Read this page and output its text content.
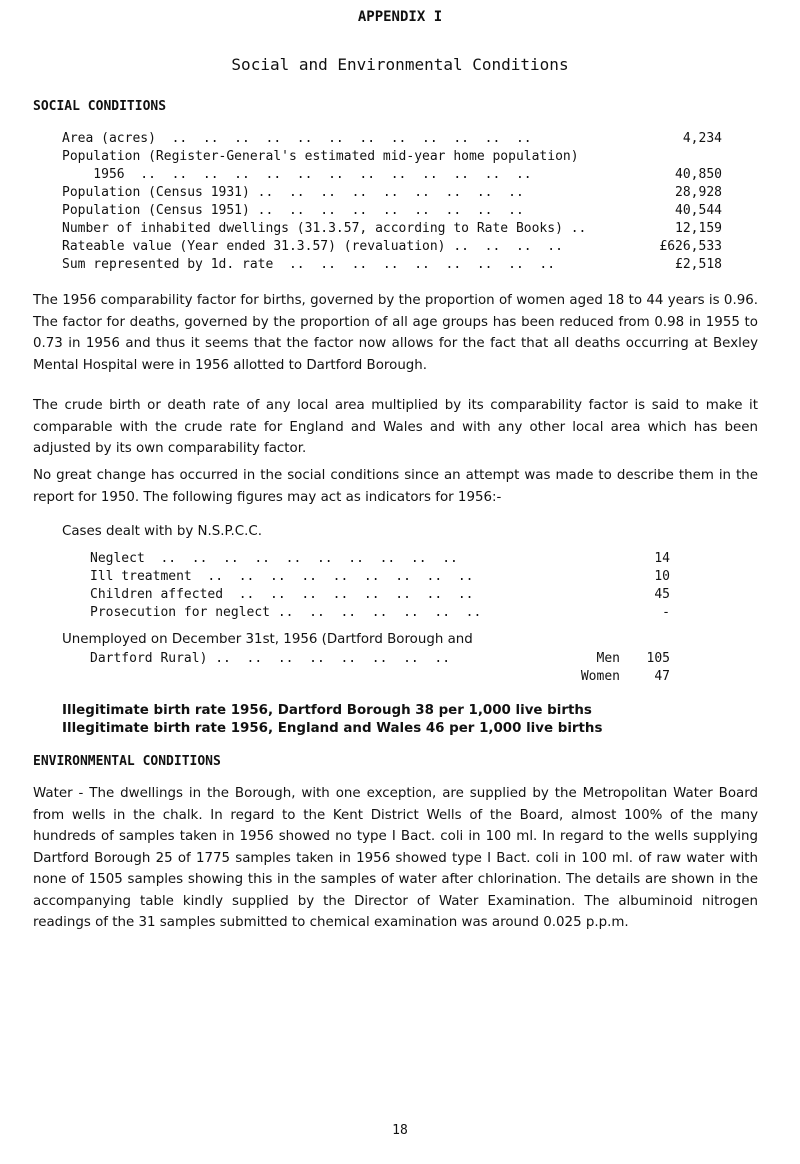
APPENDIX I
Social and Environmental Conditions
SOCIAL CONDITIONS
Area (acres)  ..  ..  ..  ..  ..  ..  ..  ..  ..  ..  ..  ..	4,234
Population (Register-General's estimated mid-year home population)
1956  ..  ..  ..  ..  ..  ..  ..  ..  ..  ..  ..  ..  ..	40,850
Population (Census 1931) ..  ..  ..  ..  ..  ..  ..  ..  ..	28,928
Population (Census 1951) ..  ..  ..  ..  ..  ..  ..  ..  ..	40,544
Number of inhabited dwellings (31.3.57, according to Rate Books) ..	12,159
Rateable value (Year ended 31.3.57) (revaluation) ..  ..  ..  ..	£626,533
Sum represented by 1d. rate  ..  ..  ..  ..  ..  ..  ..  ..  ..	£2,518

The 1956 comparability factor for births, governed by the proportion of women aged 18 to 44 years is 0.96. The factor for deaths, governed by the proportion of all age groups has been reduced from 0.98 in 1955 to 0.73 in 1956 and thus it seems that the factor now allows for the fact that all deaths occurring at Bexley Mental Hospital were in 1956 allotted to Dartford Borough.

The crude birth or death rate of any local area multiplied by its comparability factor is said to make it comparable with the crude rate for England and Wales and with any other local area which has been adjusted by its own comparability factor.

No great change has occurred in the social conditions since an attempt was made to describe them in the report for 1950. The following figures may act as indicators for 1956:-

Cases dealt with by N.S.P.C.C.
Neglect  ..  ..  ..  ..  ..  ..  ..  ..  ..  ..	14
Ill treatment  ..  ..  ..  ..  ..  ..  ..  ..  ..	10
Children affected  ..  ..  ..  ..  ..  ..  ..  ..	45
Prosecution for neglect ..  ..  ..  ..  ..  ..  ..	-
Unemployed on December 31st, 1956 (Dartford Borough and
Dartford Rural) ..  ..  ..  ..  ..  ..  ..  ..	Men	105
Women	47
Illegitimate birth rate 1956, Dartford Borough 38 per 1,000 live births
Illegitimate birth rate 1956, England and Wales 46 per 1,000 live births
ENVIRONMENTAL CONDITIONS

Water - The dwellings in the Borough, with one exception, are supplied by the Metropolitan Water Board from wells in the chalk. In regard to the Kent District Wells of the Board, almost 100% of the many hundreds of samples taken in 1956 showed no type I Bact. coli in 100 ml. In regard to the wells supplying Dartford Borough 25 of 1775 samples taken in 1956 showed type I Bact. coli in 100 ml. of raw water with none of 1505 samples showing this in the samples of water after chlorination. The details are shown in the accompanying table kindly supplied by the Director of Water Examination. The albuminoid nitrogen readings of the 31 samples submitted to chemical examination was around 0.025 p.p.m.

18
